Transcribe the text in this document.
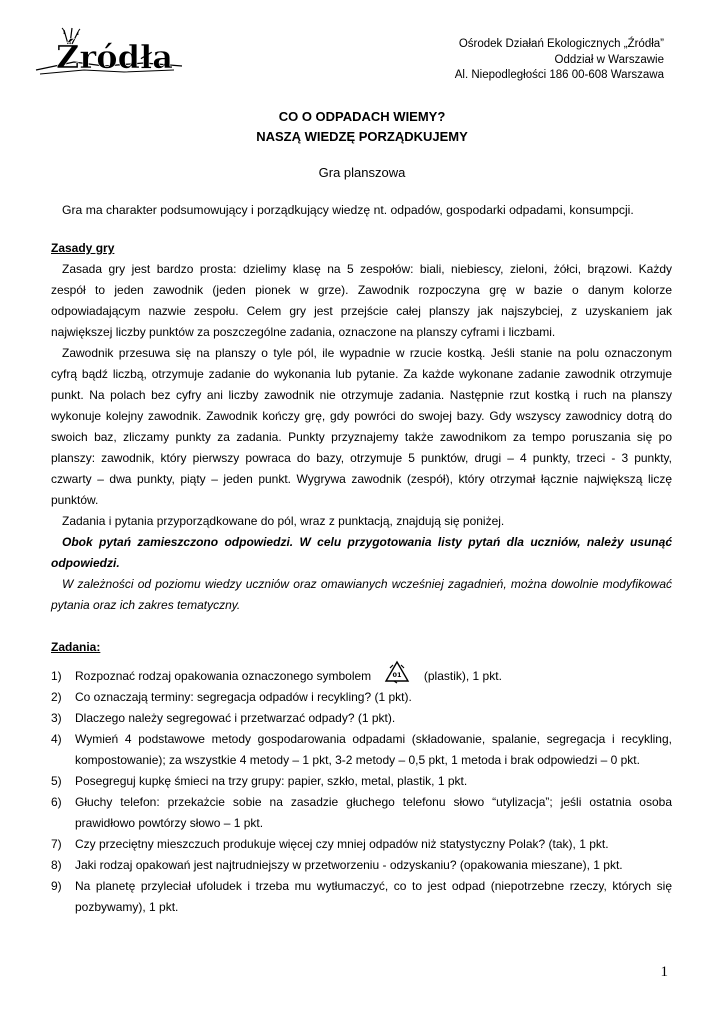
Źródła	Ośrodek Działań Ekologicznych „Źródła”
Oddział w Warszawie
Al. Niepodległości 186 00-608 Warszawa
CO O ODPADACH WIEMY?
NASZĄ WIEDZĘ PORZĄDKUJEMY
Gra planszowa
Gra ma charakter podsumowujący i porządkujący wiedzę nt. odpadów, gospodarki odpadami, konsumpcji.
Zasady gry
Zasada gry jest bardzo prosta: dzielimy klasę na 5 zespołów: biali, niebiescy, zieloni, żółci, brązowi. Każdy
zespół to jeden zawodnik (jeden pionek w grze). Zawodnik rozpoczyna grę w bazie o danym kolorze
odpowiadającym nazwie zespołu. Celem gry jest przejście całej planszy jak najszybciej, z uzyskaniem jak
największej liczby punktów za poszczególne zadania, oznaczone na planszy cyframi i liczbami.
Zawodnik przesuwa się na planszy o tyle pól, ile wypadnie w rzucie kostką. Jeśli stanie na polu oznaczonym
cyfrą bądź liczbą, otrzymuje zadanie do wykonania lub pytanie. Za każde wykonane zadanie zawodnik otrzymuje
punkt. Na polach bez cyfry ani liczby zawodnik nie otrzymuje zadania. Następnie rzut kostką i ruch na planszy
wykonuje kolejny zawodnik. Zawodnik kończy grę, gdy powróci do swojej bazy. Gdy wszyscy zawodnicy dotrą do
swoich baz, zliczamy punkty za zadania. Punkty przyznajemy także zawodnikom za tempo poruszania się po
planszy: zawodnik, który pierwszy powraca do bazy, otrzymuje 5 punktów, drugi – 4 punkty, trzeci - 3 punkty,
czwarty – dwa punkty, piąty – jeden punkt. Wygrywa zawodnik (zespół), który otrzymał łącznie największą liczę
punktów.
Zadania i pytania przyporządkowane do pól, wraz z punktacją, znajdują się poniżej.
Obok pytań zamieszczono odpowiedzi. W celu przygotowania listy pytań dla uczniów, należy usunąć
odpowiedzi.
W zależności od poziomu wiedzy uczniów oraz omawianych wcześniej zagadnień, można dowolnie modyfikować
pytania oraz ich zakres tematyczny.
Zadania:
1) Rozpoznać rodzaj opakowania oznaczonego symbolem	(plastik), 1 pkt.
01
2) Co oznaczają terminy: segregacja odpadów i recykling? (1 pkt).
3) Dlaczego należy segregować i przetwarzać odpady? (1 pkt).
4) Wymień 4 podstawowe metody gospodarowania odpadami (składowanie, spalanie, segregacja i recykling,
kompostowanie); za wszystkie 4 metody – 1 pkt, 3-2 metody – 0,5 pkt, 1 metoda i brak odpowiedzi – 0 pkt.
5) Posegreguj kupkę śmieci na trzy grupy: papier, szkło, metal, plastik, 1 pkt.
6) Głuchy telefon: przekażcie sobie na zasadzie głuchego telefonu słowo “utylizacja”; jeśli ostatnia osoba
prawidłowo powtórzy słowo – 1 pkt.
7) Czy przeciętny mieszczuch produkuje więcej czy mniej odpadów niż statystyczny Polak? (tak), 1 pkt.
8) Jaki rodzaj opakowań jest najtrudniejszy w przetworzeniu - odzyskaniu? (opakowania mieszane), 1 pkt.
9) Na planetę przyleciał ufoludek i trzeba mu wytłumaczyć, co to jest odpad (niepotrzebne rzeczy, których się
pozbywamy), 1 pkt.
1
